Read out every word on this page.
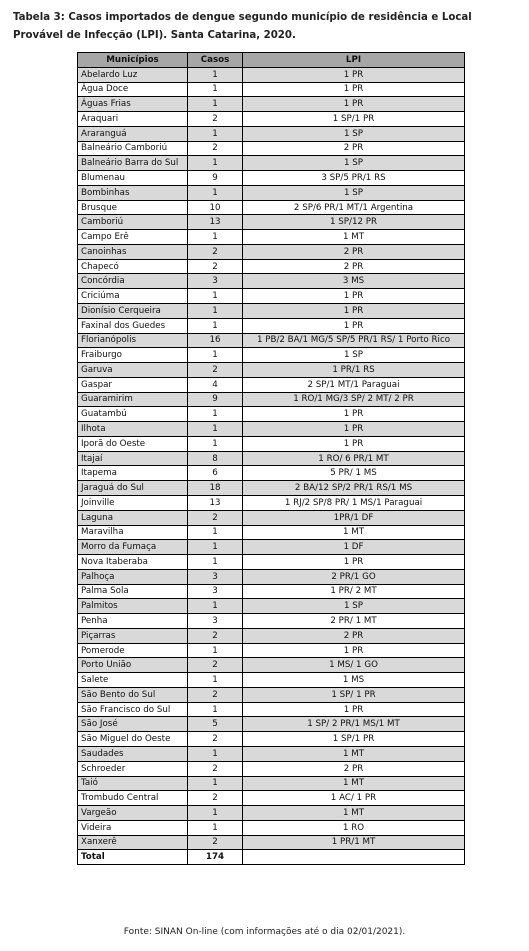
Tabela 3: Casos importados de dengue segundo município de residência e Local Provável de Infecção (LPI). Santa Catarina, 2020.
Municípios	Casos	LPI
Abelardo Luz	1	1 PR
Água Doce	1	1 PR
Águas Frias	1	1 PR
Araquari	2	1 SP/1 PR
Araranguá	1	1 SP
Balneário Camboriú	2	2 PR
Balneário Barra do Sul	1	1 SP
Blumenau	9	3 SP/5 PR/1 RS
Bombinhas	1	1 SP
Brusque	10	2 SP/6 PR/1 MT/1 Argentina
Camboriú	13	1 SP/12 PR
Campo Erê	1	1 MT
Canoinhas	2	2 PR
Chapecó	2	2 PR
Concórdia	3	3 MS
Criciúma	1	1 PR
Dionísio Cerqueira	1	1 PR
Faxinal dos Guedes	1	1 PR
Florianópolis	16	1 PB/2 BA/1 MG/5 SP/5 PR/1 RS/ 1 Porto Rico
Fraiburgo	1	1 SP
Garuva	2	1 PR/1 RS
Gaspar	4	2 SP/1 MT/1 Paraguai
Guaramirim	9	1 RO/1 MG/3 SP/ 2 MT/ 2 PR
Guatambú	1	1 PR
Ilhota	1	1 PR
Iporã do Oeste	1	1 PR
Itajaí	8	1 RO/ 6 PR/1 MT
Itapema	6	5 PR/ 1 MS
Jaraguá do Sul	18	2 BA/12 SP/2 PR/1 RS/1 MS
Joinville	13	1 RJ/2 SP/8 PR/ 1 MS/1 Paraguai
Laguna	2	1PR/1 DF
Maravilha	1	1 MT
Morro da Fumaça	1	1 DF
Nova Itaberaba	1	1 PR
Palhoça	3	2 PR/1 GO
Palma Sola	3	1 PR/ 2 MT
Palmitos	1	1 SP
Penha	3	2 PR/ 1 MT
Piçarras	2	2 PR
Pomerode	1	1 PR
Porto União	2	1 MS/ 1 GO
Salete	1	1 MS
São Bento do Sul	2	1 SP/ 1 PR
São Francisco do Sul	1	1 PR
São José	5	1 SP/ 2 PR/1 MS/1 MT
São Miguel do Oeste	2	1 SP/1 PR
Saudades	1	1 MT
Schroeder	2	2 PR
Taió	1	1 MT
Trombudo Central	2	1 AC/ 1 PR
Vargeão	1	1 MT
Videira	1	1 RO
Xanxerê	2	1 PR/1 MT
Total	174	
Fonte: SINAN On-line (com informações até o dia 02/01/2021).
